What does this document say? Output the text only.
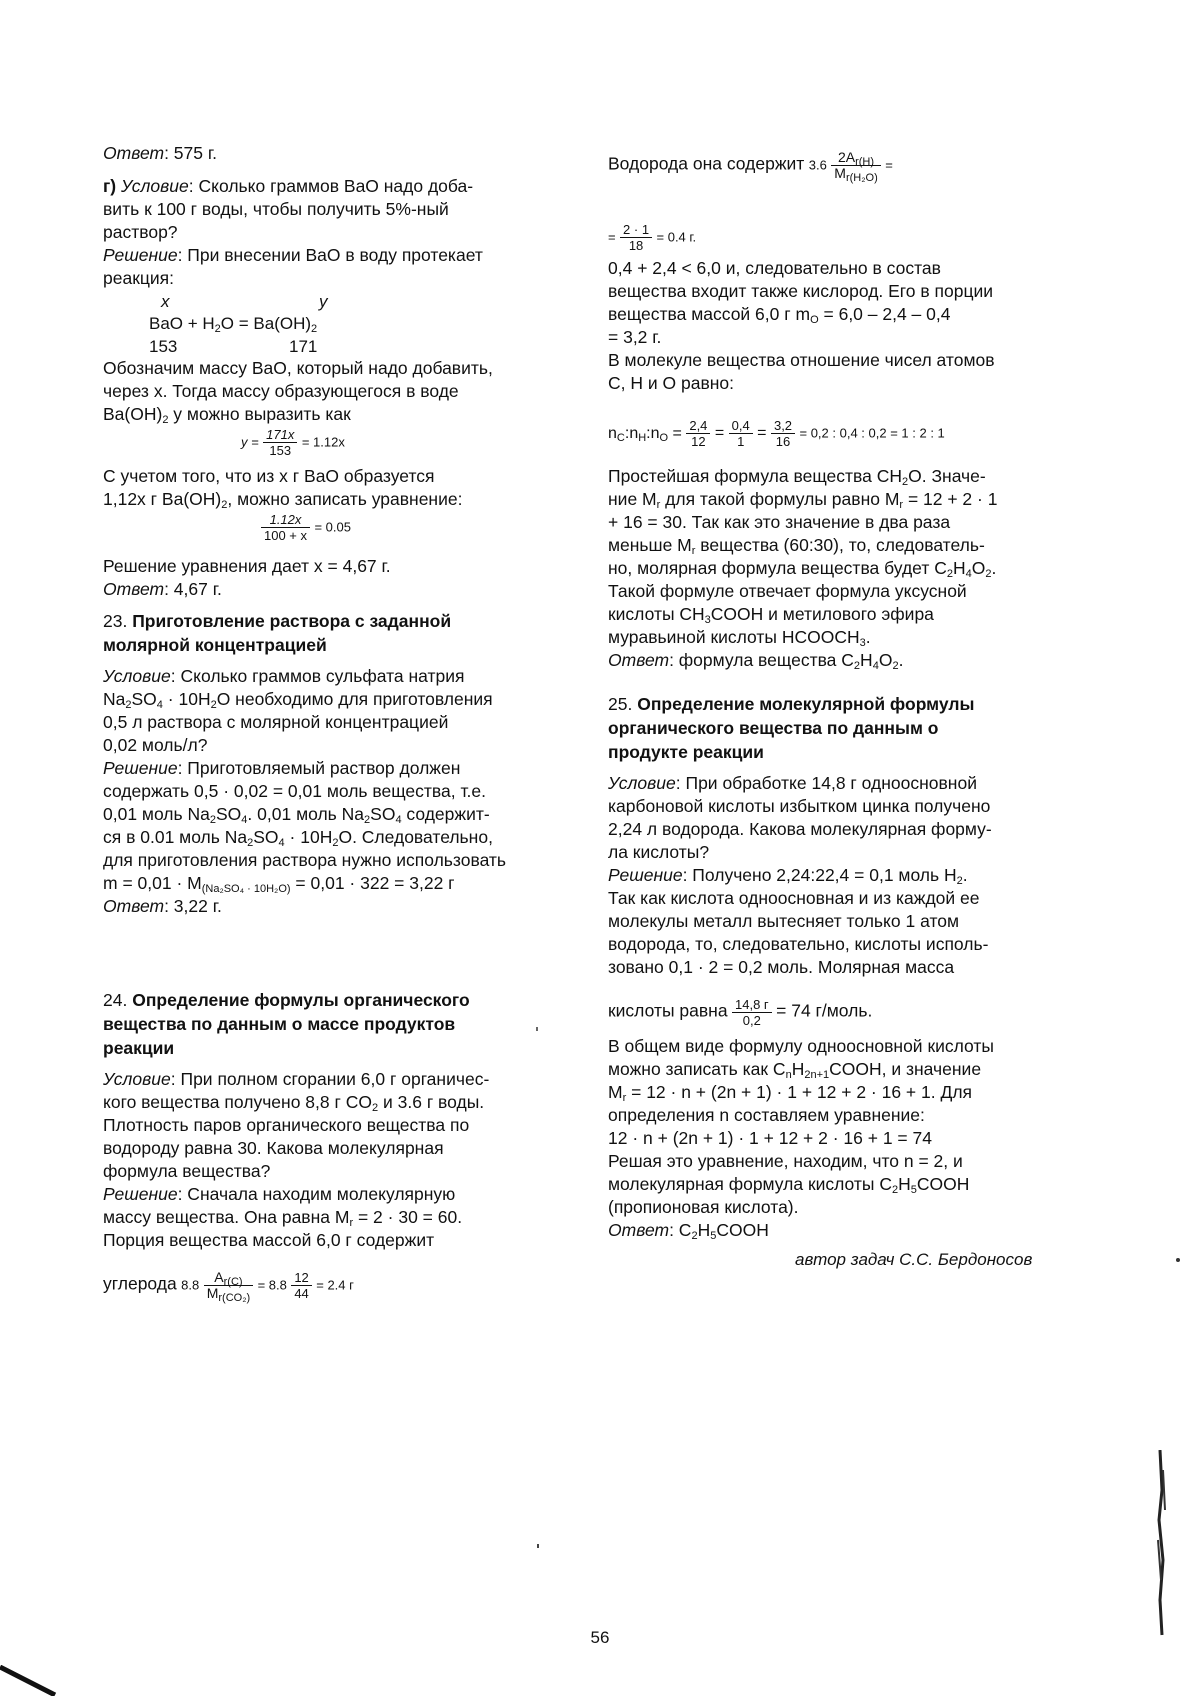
Ответ: 575 г.
г) Условие: Сколько граммов BaO надо доба-
вить к 100 г воды, чтобы получить 5%-ный
раствор?
Решение: При внесении BaO в воду протекает
реакция:
x	y
BaO + $H_2O = Ba(OH)_2$
153	171
Обозначим массу BaO, который надо добавить,
через x. Тогда массу образующегося в воде
$Ba(OH)_2$ y можно выразить как
$y = \frac{171x}{153} = 1.12x$
С учетом того, что из x г BaO образуется
1,12x г $Ba(OH)_2$, можно записать уравнение:
$\frac{1.12x}{100 + x} = 0.05$
Решение уравнения дает x = 4,67 г.
Ответ: 4,67 г.
23. Приготовление раствора с заданной
молярной концентрацией
Условие: Сколько граммов сульфата натрия
$Na_2SO_4 \cdot 10H_2O$ необходимо для приготовления
0,5 л раствора с молярной концентрацией
0,02 моль/л?
Решение: Приготовляемый раствор должен
содержать 0,5 · 0,02 = 0,01 моль вещества, т.е.
0,01 моль $Na_2SO_4$. 0,01 моль $Na_2SO_4$ содержит-
ся в 0.01 моль $Na_2SO_4 \cdot 10H_2O$. Следовательно,
для приготовления раствора нужно использовать
$m = 0,01 \cdot M_{(Na_2SO_4 \cdot 10H_2O)} = 0,01 \cdot 322 = 3,22$ г
Ответ: 3,22 г.
24. Определение формулы органического
вещества по данным о массе продуктов
реакции
Условие: При полном сгорании 6,0 г органичес-
кого вещества получено 8,8 г $CO_2$ и 3.6 г воды.
Плотность паров органического вещества по
водороду равна 30. Какова молекулярная
формула вещества?
Решение: Сначала находим молекулярную
массу вещества. Она равна $M_r = 2 \cdot 30 = 60$.
Порция вещества массой 6,0 г содержит
углерода $8.8 \frac{A_{r(C)}}{M_{r(CO_2)}} = 8.8 \frac{12}{44} = 2.4$ г
Водорода она содержит $3.6 \frac{2A_{r(H)}}{M_{r(H_2O)}}$ =
= $\frac{2 \cdot 1}{18} = 0.4$ г.
0,4 + 2,4 < 6,0 и, следовательно в состав
вещества входит также кислород. Его в порции
вещества массой 6,0 г $m_O = 6,0 - 2,4 - 0,4$
= 3,2 г.
В молекуле вещества отношение чисел атомов
С, Н и О равно:
$n_C:n_H:n_O = \frac{2,4}{12} = \frac{0,4}{1} = \frac{3,2}{16} = 0,2$ : 0,4 : 0,2 = 1 : 2 : 1
Простейшая формула вещества $CH_2O$. Значе-
ние $M_r$ для такой формулы равно $M_r = 12 + 2 \cdot 1$
+ 16 = 30. Так как это значение в два раза
меньше $M_r$ вещества (60:30), то, следователь-
но, молярная формула вещества будет $C_2H_4O_2$.
Такой формуле отвечает формула уксусной
кислоты $CH_3COOH$ и метилового эфира
муравьиной кислоты $HCOOCH_3$.
Ответ: формула вещества $C_2H_4O_2$.
25. Определение молекулярной формулы
органического вещества по данным о
продукте реакции
Условие: При обработке 14,8 г одноосновной
карбоновой кислоты избытком цинка получено
2,24 л водорода. Какова молекулярная форму-
ла кислоты?
Решение: Получено 2,24:22,4 = 0,1 моль $H_2$.
Так как кислота одноосновная и из каждой ее
молекулы металл вытесняет только 1 атом
водорода, то, следовательно, кислоты исполь-
зовано 0,1 · 2 = 0,2 моль. Молярная масса
кислоты равна $\frac{14,8 г}{0,2} = 74$ г/моль.
В общем виде формулу одноосновной кислоты
можно записать как $C_nH_{2n+1}COOH$, и значение
$M_r = 12 \cdot n + (2n + 1) \cdot 1 + 12 + 2 \cdot 16 + 1$. Для
определения n составляем уравнение:
12 · n + (2n + 1) · 1 + 12 + 2 · 16 + 1 = 74
Решая это уравнение, находим, что n = 2, и
молекулярная формула кислоты $C_2H_5COOH$
(пропионовая кислота).
Ответ: $C_2H_5COOH$
автор задач С.С. Бердоносов
56
